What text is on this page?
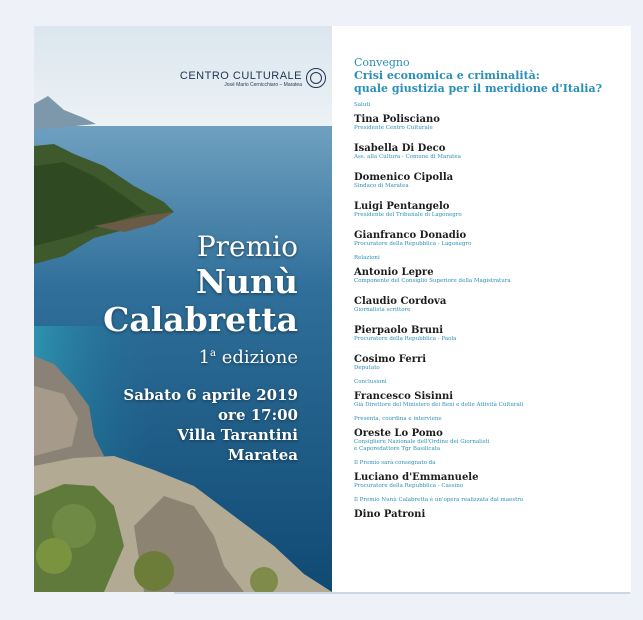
CENTRO CULTURALE
José Mario Cernicchiaro – Maratea
Premio
Nunù
Calabretta
1$^a$ edizione
Sabato 6 aprile 2019
ore 17:00
Villa Tarantini
Maratea
Convegno
Crisi economica e criminalità:
quale giustizia per il meridione d'Italia?
Saluti
Tina Polisciano
Presidente Centro Culturale
Isabella Di Deco
Ass. alla Cultura - Comune di Maratea
Domenico Cipolla
Sindaco di Maratea
Luigi Pentangelo
Presidente del Tribunale di Lagonegro
Gianfranco Donadio
Procuratore della Repubblica - Lagonegro
Relazioni
Antonio Lepre
Componente del Consiglio Superiore della Magistratura
Claudio Cordova
Giornalista scrittore
Pierpaolo Bruni
Procuratore della Repubblica - Paola
Cosimo Ferri
Deputato
Conclusioni
Francesco Sisinni
Già Direttore del Ministero dei Beni e delle Attività Culturali
Presenta, coordina e interviene
Oreste Lo Pomo
Consigliere Nazionale dell'Ordine dei Giornalisti
e Caporedattore Tgr Basilicata
Il Premio sarà consegnato da
Luciano d'Emmanuele
Procuratore della Repubblica - Cassino
Il Premio Nunù Calabretta è un'opera realizzata dal maestro
Dino Patroni
